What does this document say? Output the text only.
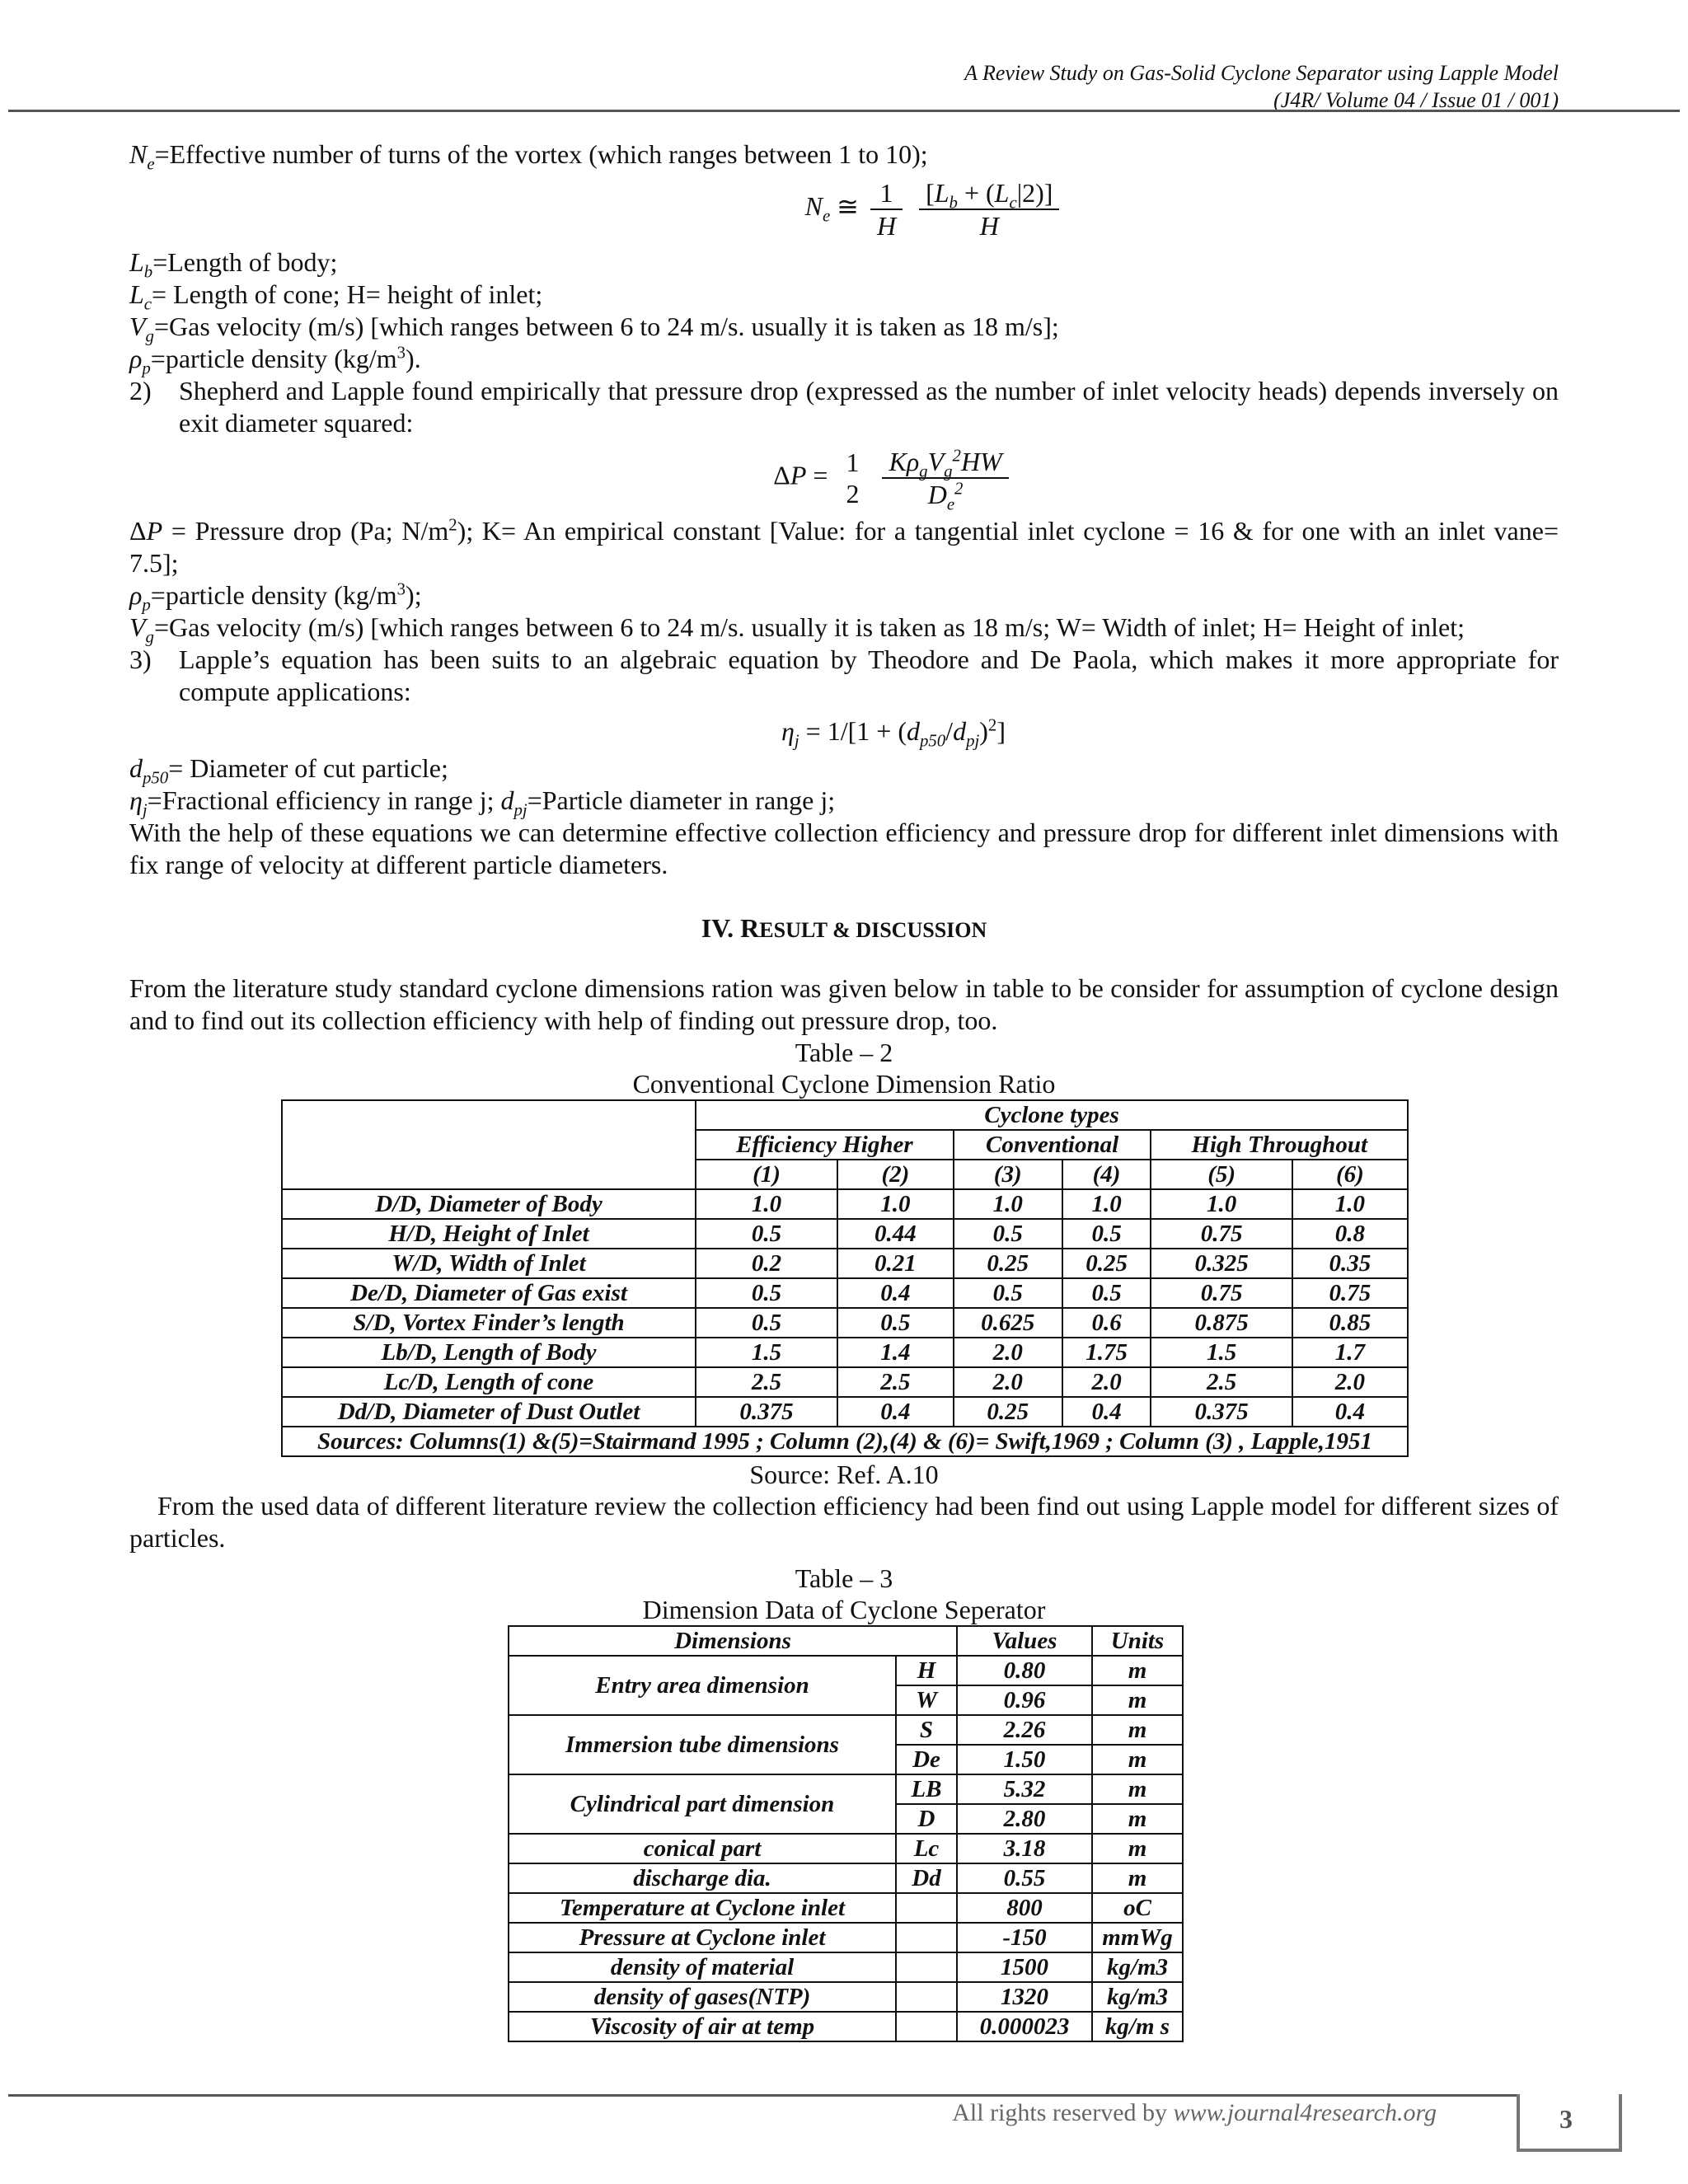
A Review Study on Gas-Solid Cyclone Separator using Lapple Model
(J4R/ Volume 04 / Issue 01 / 001)

$N_e=Effective$ number of turns of the vortex (which ranges between 1 to 10);

$N_e$ ≅ $\frac{1}{H}$
$\frac{[L_b + (L_c|2)]}{H}$

$L_b=Length$ of body;

$L_c=$ Length of cone; H= height of inlet;

$V_g=Gas$ velocity (m/s) [which ranges between 6 to 24 m/s. usually it is taken as 18 m/s];

$\rho_p=particle$ density $(kg/m^3)$.

2)	Shepherd and Lapple found empirically that pressure drop (expressed as the number of inlet velocity heads) depends inversely on exit diameter squared:
ΔP = 1
2
$\frac{K\rho_gV_g^2HW}{D_e^2}$

ΔP = Pressure drop (Pa; $N/m^2$); K= An empirical constant [Value: for a tangential inlet cyclone = 16 & for one with an inlet vane= 7.5];

$\rho_p=particle$ density $(kg/m^3)$;

$V_g=Gas$ velocity (m/s) [which ranges between 6 to 24 m/s. usually it is taken as 18 m/s; W= Width of inlet; H= Height of inlet;

3)	Lapple’s equation has been suits to an algebraic equation by Theodore and De Paola, which makes it more appropriate for compute applications:
$\eta_j = 1/[1 + (d_{p50}/d_{pj})^2]$

$d_{p50}=$ Diameter of cut particle;

$\eta_j=Fractional$ efficiency in range j; $d_{pj}=Particle$ diameter in range j;

With the help of these equations we can determine effective collection efficiency and pressure drop for different inlet dimensions with fix range of velocity at different particle diameters.

IV. RESULT & DISCUSSION

From the literature study standard cyclone dimensions ration was given below in table to be consider for assumption of cyclone design and to find out its collection efficiency with help of finding out pressure drop, too.

Table – 2
Conventional Cyclone Dimension Ratio
	Cyclone types					
	Efficiency Higher		Conventional		High Throughout	
	(1)	(2)	(3)	(4)	(5)	(6)
D/D, Diameter of Body	1.0	1.0	1.0	1.0	1.0	1.0
H/D, Height of Inlet	0.5	0.44	0.5	0.5	0.75	0.8
W/D, Width of Inlet	0.2	0.21	0.25	0.25	0.325	0.35
De/D, Diameter of Gas exist	0.5	0.4	0.5	0.5	0.75	0.75
S/D, Vortex Finder’s length	0.5	0.5	0.625	0.6	0.875	0.85
Lb/D, Length of Body	1.5	1.4	2.0	1.75	1.5	1.7
Lc/D, Length of cone	2.5	2.5	2.0	2.0	2.5	2.0
Dd/D, Diameter of Dust Outlet	0.375	0.4	0.25	0.4	0.375	0.4
Sources: Columns(1) &(5)=Stairmand 1995 ; Column (2),(4) & (6)= Swift,1969 ; Column (3) , Lapple,1951						
Source: Ref. A.10

From the used data of different literature review the collection efficiency had been find out using Lapple model for different sizes of particles.

Table – 3
Dimension Data of Cyclone Seperator
Dimensions		Values	Units
Entry area dimension	H	0.80	m
	W	0.96	m
Immersion tube dimensions	S	2.26	m
	De	1.50	m
Cylindrical part dimension	LB	5.32	m
	D	2.80	m
conical part	Lc	3.18	m
discharge dia.	Dd	0.55	m
Temperature at Cyclone inlet		800	oC
Pressure at Cyclone inlet		-150	mmWg
density of material		1500	kg/m3
density of gases(NTP)		1320	kg/m3
Viscosity of air at temp		0.000023	kg/m s
All rights reserved by www.journal4research.org	3
